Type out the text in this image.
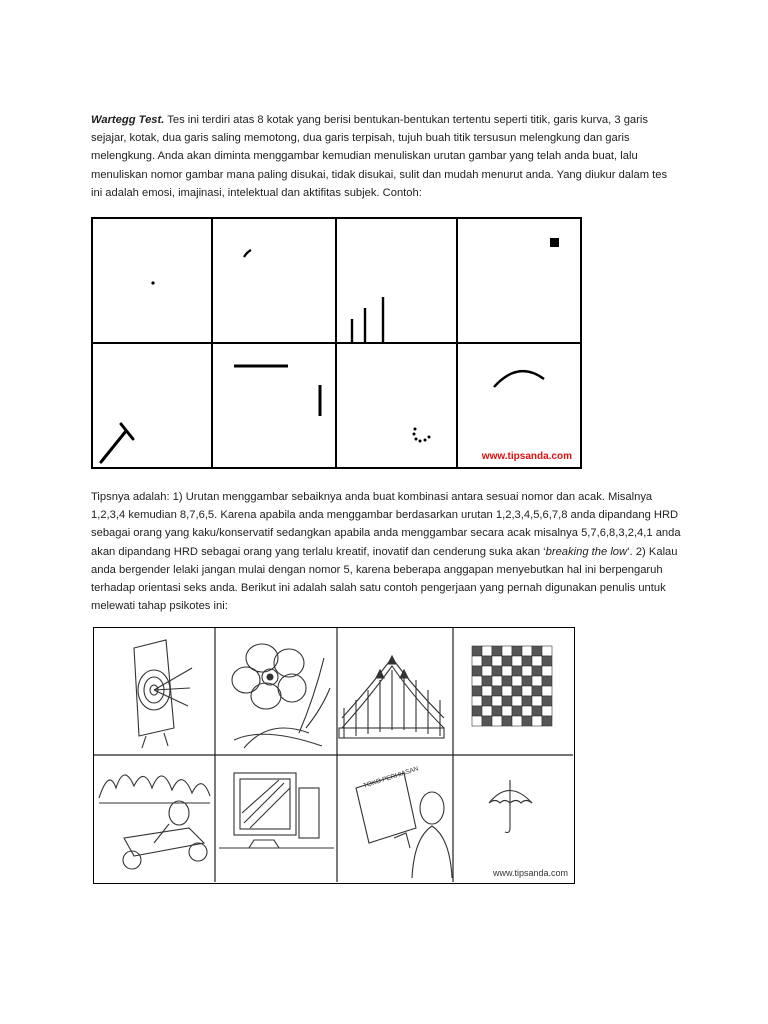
Wartegg Test. Tes ini terdiri atas 8 kotak yang berisi bentukan-bentukan tertentu seperti titik, garis kurva, 3 garis sejajar, kotak, dua garis saling memotong, dua garis terpisah, tujuh buah titik tersusun melengkung dan garis melengkung. Anda akan diminta menggambar kemudian menuliskan urutan gambar yang telah anda buat, lalu menuliskan nomor gambar mana paling disukai, tidak disukai, sulit dan mudah menurut anda. Yang diukur dalam tes ini adalah emosi, imajinasi, intelektual dan aktifitas subjek. Contoh:
www.tipsanda.com
Tipsnya adalah: 1) Urutan menggambar sebaiknya anda buat kombinasi antara sesuai nomor dan acak. Misalnya 1,2,3,4 kemudian 8,7,6,5. Karena apabila anda menggambar berdasarkan urutan 1,2,3,4,5,6,7,8 anda dipandang HRD sebagai orang yang kaku/konservatif sedangkan apabila anda menggambar secara acak misalnya 5,7,6,8,3,2,4,1 anda akan dipandang HRD sebagai orang yang terlalu kreatif, inovatif dan cenderung suka akan ‘breaking the low’. 2) Kalau anda bergender lelaki jangan mulai dengan nomor 5, karena beberapa anggapan menyebutkan hal ini berpengaruh terhadap orientasi seks anda. Berikut ini adalah salah satu contoh pengerjaan yang pernah digunakan penulis untuk melewati tahap psikotes ini:
TOKO PERHIASAN
www.tipsanda.com
